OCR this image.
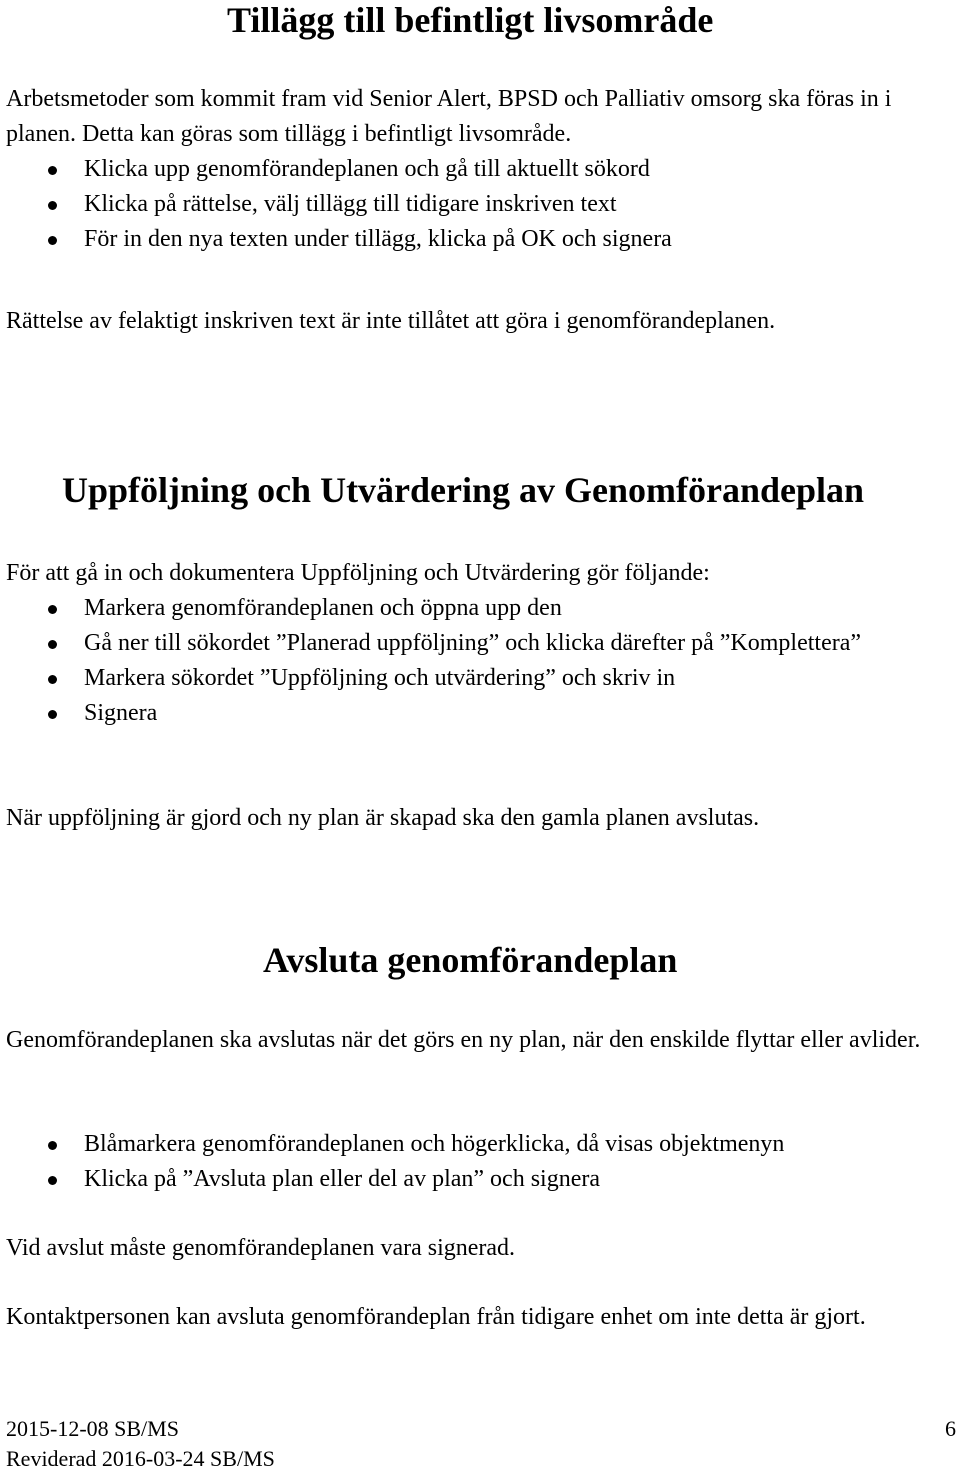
Tillägg till befintligt livsområde

Arbetsmetoder som kommit fram vid Senior Alert, BPSD och Palliativ omsorg ska föras in i planen. Detta kan göras som tillägg i befintligt livsområde.

Klicka upp genomförandeplanen och gå till aktuellt sökord
Klicka på rättelse, välj tillägg till tidigare inskriven text
För in den nya texten under tillägg, klicka på OK och signera

Rättelse av felaktigt inskriven text är inte tillåtet att göra i genomförandeplanen.

Uppföljning och Utvärdering av Genomförandeplan

För att gå in och dokumentera Uppföljning och Utvärdering gör följande:

Markera genomförandeplanen och öppna upp den
Gå ner till sökordet ”Planerad uppföljning” och klicka därefter på ”Komplettera”
Markera sökordet ”Uppföljning och utvärdering” och skriv in
Signera

När uppföljning är gjord och ny plan är skapad ska den gamla planen avslutas.

Avsluta genomförandeplan

Genomförandeplanen ska avslutas när det görs en ny plan, när den enskilde flyttar eller avlider.

Blåmarkera genomförandeplanen och högerklicka, då visas objektmenyn
Klicka på ”Avsluta plan eller del av plan” och signera

Vid avslut måste genomförandeplanen vara signerad.

Kontaktpersonen kan avsluta genomförandeplan från tidigare enhet om inte detta är gjort.

2015-12-08 SB/MS
Reviderad 2016-03-24 SB/MS
6
